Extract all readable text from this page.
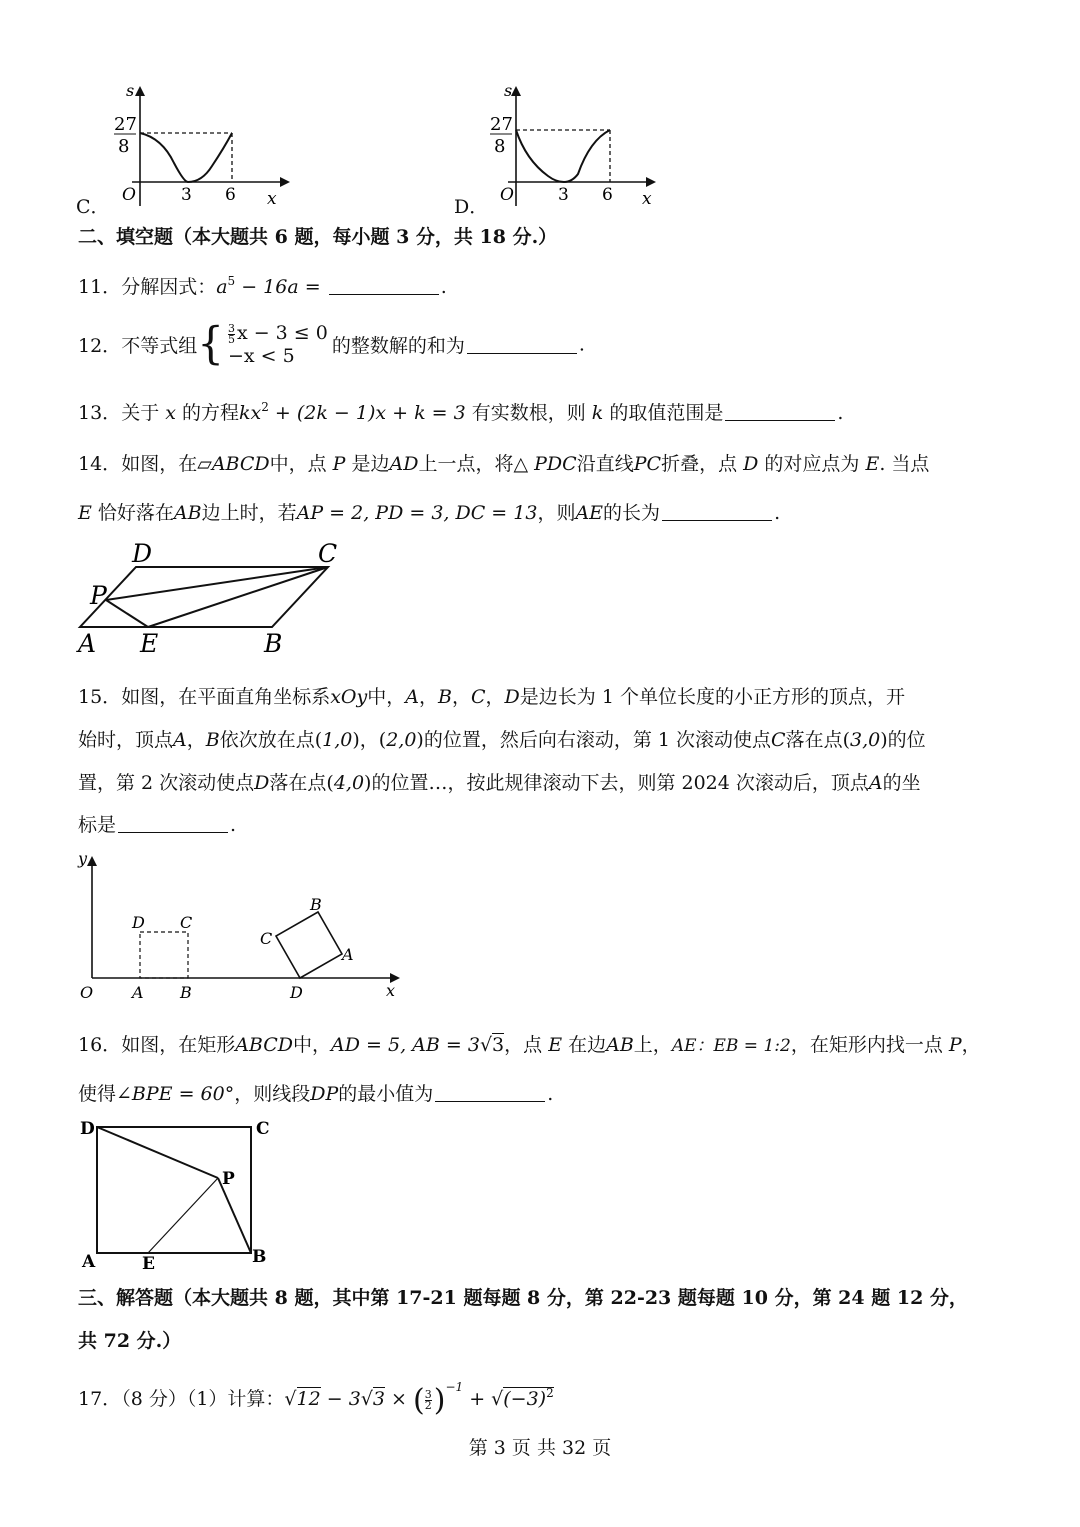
C．
s
27
8
O	3 6 x	D．
s
27
8
O	3 6 x
二、填空题（本大题共 6 题，每小题 3 分，共 18 分.）
11．分解因式：$a^5 - 16a$ =	.
12．不等式组{ $\frac{3}{5}$ x − 3 ≤ 0
−x < 5	的整数解的和为	.
13．关于 x 的方程$kx^2 + (2k - 1)x + k = 3$ 有实数根，则 k 的取值范围是	.
14．如图，在▱ABCD中，点 P 是边AD上一点，将△ PDC沿直线PC折叠，点 D 的对应点为 E. 当点
E 恰好落在AB边上时，若AP = 2, PD = 3, DC = 13，则AE的长为	.
D	C
P
A E	B
15．如图，在平面直角坐标系xOy中，A，B，C，D是边长为 1 个单位长度的小正方形的顶点，开
始时，顶点A，B依次放在点(1,0)，(2,0)的位置，然后向右滚动，第 1 次滚动使点C落在点(3,0)的位
置，第 2 次滚动使点D落在点(4,0)的位置…，按此规律滚动下去，则第 2024 次滚动后，顶点A的坐
标是	.
y
x
O A B
D C
B
C
A
D
16．如图，在矩形ABCD中，AD = 5, AB = 3√3，点 E 在边AB上，AE：EB = 1:2，在矩形内找一点 P，
使得∠BPE = 60°，则线段DP的最小值为	.
D	C
P
A	E	B
三、解答题（本大题共 8 题，其中第 17-21 题每题 8 分，第 22-23 题每题 10 分，第 24 题 12 分，
共 72 分.）
17．（8 分）（1）计算：√12 − 3√3 × ( $\frac{3}{2} )^{-1} + √(-3)^2$
第 3 页 共 32 页
